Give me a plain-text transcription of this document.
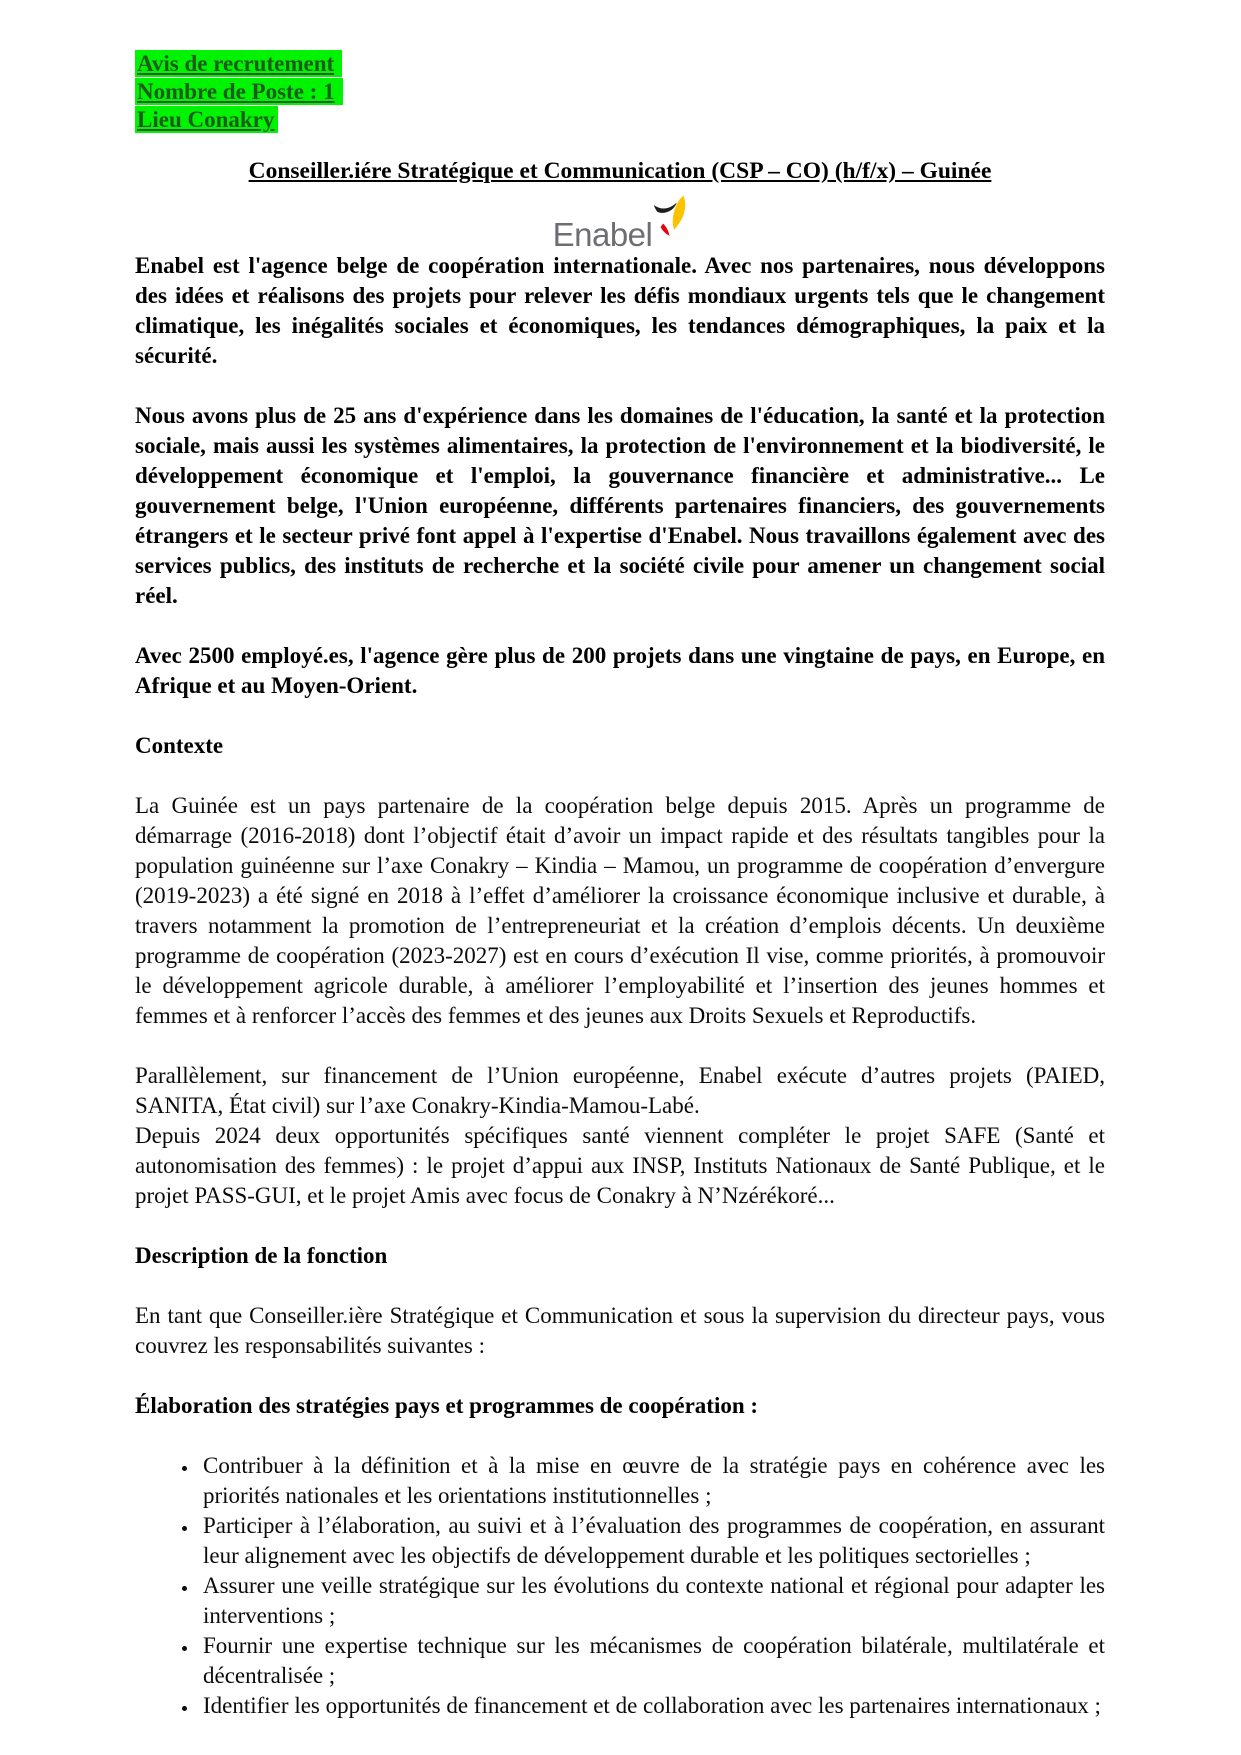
Avis de recrutement
Nombre de Poste : 1
Lieu Conakry
Conseiller.iére Stratégique et Communication (CSP – CO) (h/f/x) – Guinée
Enabel

Enabel est l'agence belge de coopération internationale. Avec nos partenaires, nous développons des idées et réalisons des projets pour relever les défis mondiaux urgents tels que le changement climatique, les inégalités sociales et économiques, les tendances démographiques, la paix et la sécurité.

Nous avons plus de 25 ans d'expérience dans les domaines de l'éducation, la santé et la protection sociale, mais aussi les systèmes alimentaires, la protection de l'environnement et la biodiversité, le développement économique et l'emploi, la gouvernance financière et administrative... Le gouvernement belge, l'Union européenne, différents partenaires financiers, des gouvernements étrangers et le secteur privé font appel à l'expertise d'Enabel. Nous travaillons également avec des services publics, des instituts de recherche et la société civile pour amener un changement social réel.

Avec 2500 employé.es, l'agence gère plus de 200 projets dans une vingtaine de pays, en Europe, en Afrique et au Moyen-Orient.

Contexte

La Guinée est un pays partenaire de la coopération belge depuis 2015. Après un programme de démarrage (2016-2018) dont l’objectif était d’avoir un impact rapide et des résultats tangibles pour la population guinéenne sur l’axe Conakry – Kindia – Mamou, un programme de coopération d’envergure (2019-2023) a été signé en 2018 à l’effet d’améliorer la croissance économique inclusive et durable, à travers notamment la promotion de l’entrepreneuriat et la création d’emplois décents. Un deuxième programme de coopération (2023-2027) est en cours d’exécution Il vise, comme priorités, à promouvoir le développement agricole durable, à améliorer l’employabilité et l’insertion des jeunes hommes et femmes et à renforcer l’accès des femmes et des jeunes aux Droits Sexuels et Reproductifs.

Parallèlement, sur financement de l’Union européenne, Enabel exécute d’autres projets (PAIED, SANITA, État civil) sur l’axe Conakry-Kindia-Mamou-Labé.

Depuis 2024 deux opportunités spécifiques santé viennent compléter le projet SAFE (Santé et autonomisation des femmes) : le projet d’appui aux INSP, Instituts Nationaux de Santé Publique, et le projet PASS-GUI, et le projet Amis avec focus de Conakry à N’Nzérékoré...

Description de la fonction

En tant que Conseiller.ière Stratégique et Communication et sous la supervision du directeur pays, vous couvrez les responsabilités suivantes :

Élaboration des stratégies pays et programmes de coopération :
• Contribuer à la définition et à la mise en œuvre de la stratégie pays en cohérence avec les priorités nationales et les orientations institutionnelles ;
• Participer à l’élaboration, au suivi et à l’évaluation des programmes de coopération, en assurant leur alignement avec les objectifs de développement durable et les politiques sectorielles ;
• Assurer une veille stratégique sur les évolutions du contexte national et régional pour adapter les interventions ;
• Fournir une expertise technique sur les mécanismes de coopération bilatérale, multilatérale et décentralisée ;
• Identifier les opportunités de financement et de collaboration avec les partenaires internationaux ;
